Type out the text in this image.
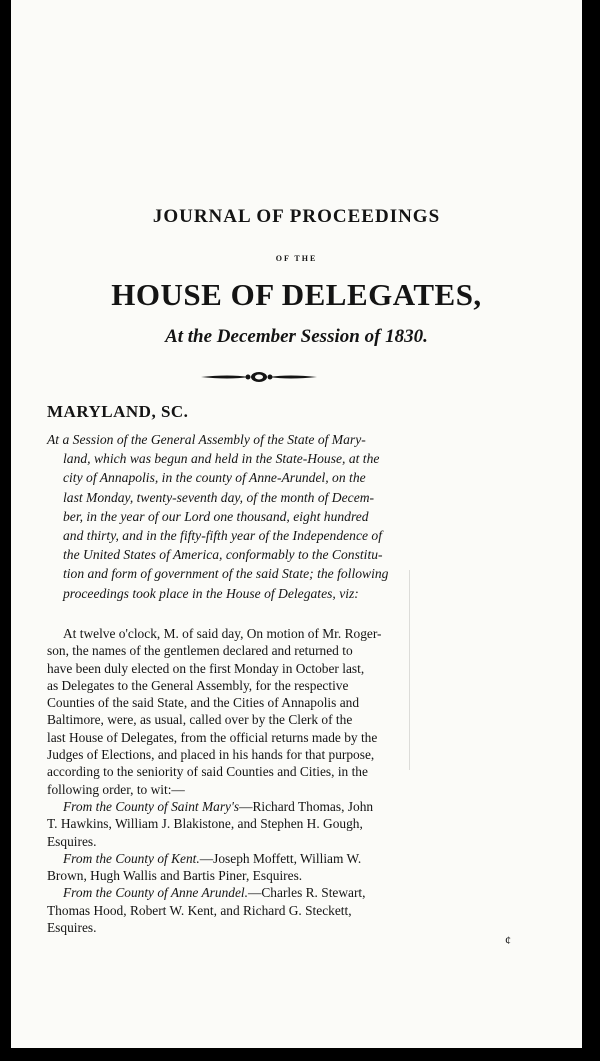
JOURNAL OF PROCEEDINGS
OF THE
HOUSE OF DELEGATES,
At the December Session of 1830.
MARYLAND, SC.
At a Session of the General Assembly of the State of Mary-
land, which was begun and held in the State-House, at the
city of Annapolis, in the county of Anne-Arundel, on the
last Monday, twenty-seventh day, of the month of Decem-
ber, in the year of our Lord one thousand, eight hundred
and thirty, and in the fifty-fifth year of the Independence of
the United States of America, conformably to the Constitu-
tion and form of government of the said State; the following
proceedings took place in the House of Delegates, viz:
At twelve o'clock, M. of said day, On motion of Mr. Roger-
son, the names of the gentlemen declared and returned to
have been duly elected on the first Monday in October last,
as Delegates to the General Assembly, for the respective
Counties of the said State, and the Cities of Annapolis and
Baltimore, were, as usual, called over by the Clerk of the
last House of Delegates, from the official returns made by the
Judges of Elections, and placed in his hands for that purpose,
according to the seniority of said Counties and Cities, in the
following order, to wit:—
From the County of Saint Mary's—Richard Thomas, John
T. Hawkins, William J. Blakistone, and Stephen H. Gough,
Esquires.
From the County of Kent.—Joseph Moffett, William W.
Brown, Hugh Wallis and Bartis Piner, Esquires.
From the County of Anne Arundel.—Charles R. Stewart,
Thomas Hood, Robert W. Kent, and Richard G. Steckett,
Esquires.
¢
